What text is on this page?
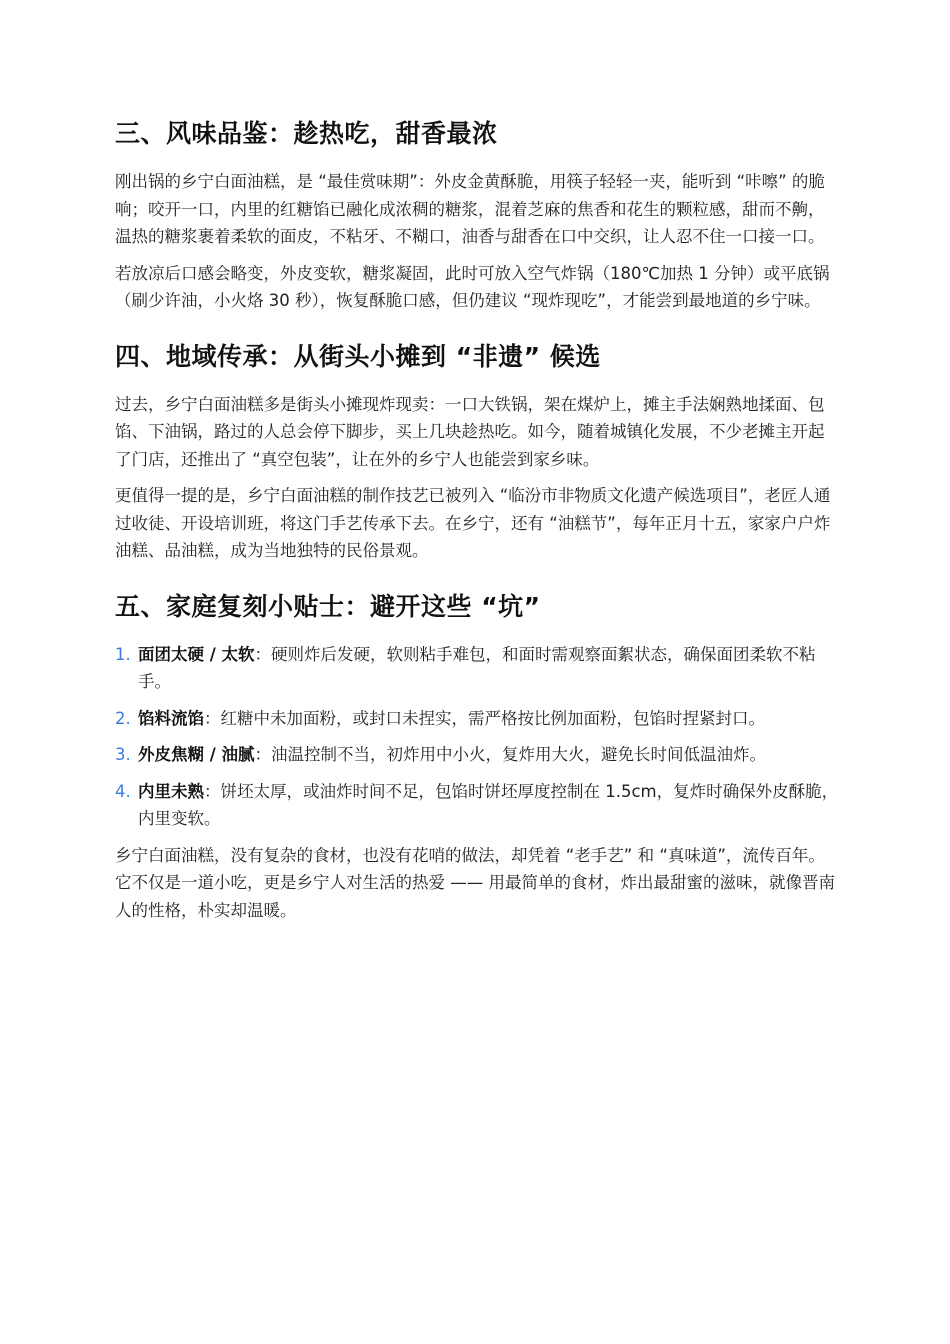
三、风味品鉴：趁热吃，甜香最浓

刚出锅的乡宁白面油糕，是 “最佳赏味期”：外皮金黄酥脆，用筷子轻轻一夹，能听到 “咔嚓” 的脆响；咬开一口，内里的红糖馅已融化成浓稠的糖浆，混着芝麻的焦香和花生的颗粒感，甜而不齁，温热的糖浆裹着柔软的面皮，不粘牙、不糊口，油香与甜香在口中交织，让人忍不住一口接一口。

若放凉后口感会略变，外皮变软，糖浆凝固，此时可放入空气炸锅（180℃加热 1 分钟）或平底锅（刷少许油，小火烙 30 秒），恢复酥脆口感，但仍建议 “现炸现吃”，才能尝到最地道的乡宁味。

四、地域传承：从街头小摊到 “非遗” 候选

过去，乡宁白面油糕多是街头小摊现炸现卖：一口大铁锅，架在煤炉上，摊主手法娴熟地揉面、包馅、下油锅，路过的人总会停下脚步，买上几块趁热吃。如今，随着城镇化发展，不少老摊主开起了门店，还推出了 “真空包装”，让在外的乡宁人也能尝到家乡味。

更值得一提的是，乡宁白面油糕的制作技艺已被列入 “临汾市非物质文化遗产候选项目”，老匠人通过收徒、开设培训班，将这门手艺传承下去。在乡宁，还有 “油糕节”，每年正月十五，家家户户炸油糕、品油糕，成为当地独特的民俗景观。

五、家庭复刻小贴士：避开这些 “坑”
1. 面团太硬 / 太软：硬则炸后发硬，软则粘手难包，和面时需观察面絮状态，确保面团柔软不粘手。
2. 馅料流馅：红糖中未加面粉，或封口未捏实，需严格按比例加面粉，包馅时捏紧封口。
3. 外皮焦糊 / 油腻：油温控制不当，初炸用中小火，复炸用大火，避免长时间低温油炸。
4. 内里未熟：饼坯太厚，或油炸时间不足，包馅时饼坯厚度控制在 1.5cm，复炸时确保外皮酥脆，内里变软。

乡宁白面油糕，没有复杂的食材，也没有花哨的做法，却凭着 “老手艺” 和 “真味道”，流传百年。它不仅是一道小吃，更是乡宁人对生活的热爱 —— 用最简单的食材，炸出最甜蜜的滋味，就像晋南人的性格，朴实却温暖。
